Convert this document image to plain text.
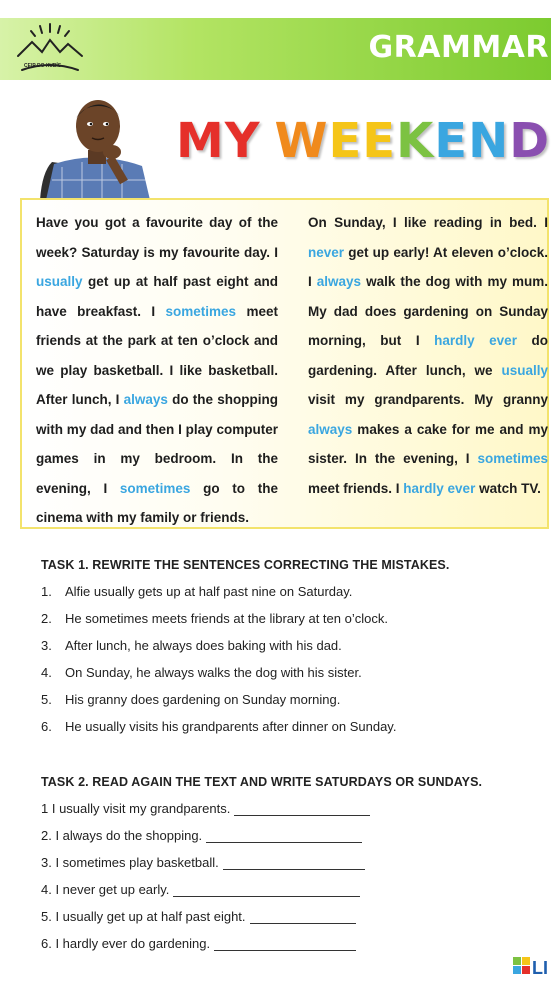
GRAMMAR
CEIP DO XUBÍS
MY WEEKEND
Have you got a favourite day of the week? Saturday is my favourite day. I usually get up at half past eight and have breakfast. I sometimes meet friends at the park at ten o’clock and we play basketball. I like basketball. After lunch, I always do the shopping with my dad and then I play computer games in my bedroom. In the evening, I sometimes go to the cinema with my family or friends.
On Sunday, I like reading in bed. I never get up early! At eleven o’clock. I always walk the dog with my mum. My dad does gardening on Sunday morning, but I hardly ever do gardening. After lunch, we usually visit my grandparents. My granny always makes a cake for me and my sister. In the evening, I sometimes meet friends. I hardly ever watch TV.
TASK 1. REWRITE THE SENTENCES CORRECTING THE MISTAKES.
1. Alfie usually gets up at half past nine on Saturday.
2. He sometimes meets friends at the library at ten o’clock.
3. After lunch, he always does baking with his dad.
4. On Sunday, he always walks the dog with his sister.
5. His granny does gardening on Sunday morning.
6. He usually visits his grandparents after dinner on Sunday.
TASK 2. READ AGAIN THE TEXT AND WRITE SATURDAYS OR SUNDAYS.
1 I usually visit my grandparents.
2. I always do the shopping.
3. I sometimes play basketball.
4. I never get up early.
5. I usually get up at half past eight.
6. I hardly ever do gardening.
LI
